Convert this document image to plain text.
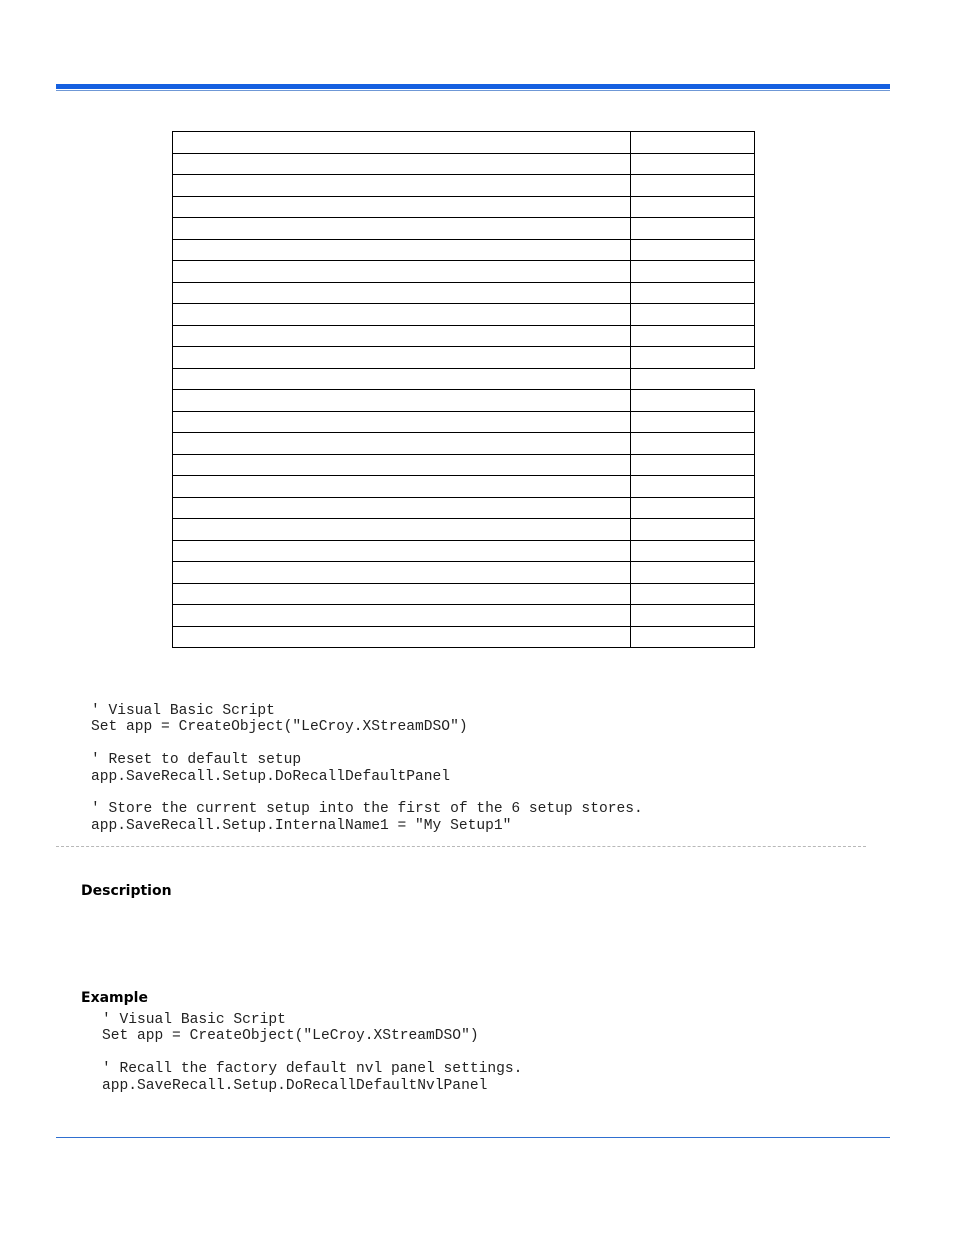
' Visual Basic Script
Set app = CreateObject("LeCroy.XStreamDSO")

' Reset to default setup
app.SaveRecall.Setup.DoRecallDefaultPanel

' Store the current setup into the first of the 6 setup stores.
app.SaveRecall.Setup.InternalName1 = "My Setup1"
Description
Example
' Visual Basic Script
Set app = CreateObject("LeCroy.XStreamDSO")

' Recall the factory default nvl panel settings.
app.SaveRecall.Setup.DoRecallDefaultNvlPanel
